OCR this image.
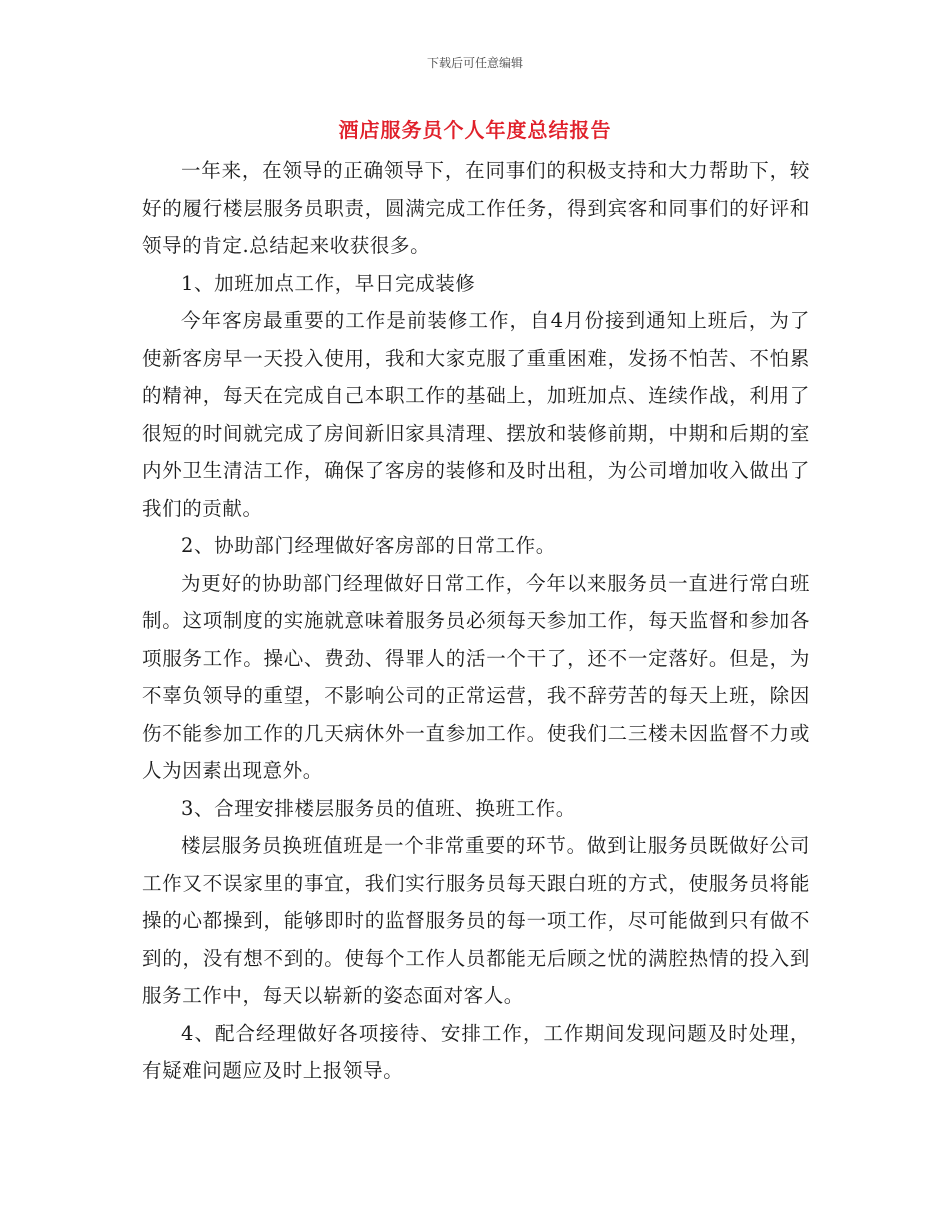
下载后可任意编辑
酒店服务员个人年度总结报告

一年来，在领导的正确领导下，在同事们的积极支持和大力帮助下，较好的履行楼层服务员职责，圆满完成工作任务，得到宾客和同事们的好评和领导的肯定.总结起来收获很多。

1、加班加点工作，早日完成装修

今年客房最重要的工作是前装修工作，自4月份接到通知上班后，为了使新客房早一天投入使用，我和大家克服了重重困难，发扬不怕苦、不怕累的精神，每天在完成自己本职工作的基础上，加班加点、连续作战，利用了很短的时间就完成了房间新旧家具清理、摆放和装修前期，中期和后期的室内外卫生清洁工作，确保了客房的装修和及时出租，为公司增加收入做出了我们的贡献。

2、协助部门经理做好客房部的日常工作。

为更好的协助部门经理做好日常工作，今年以来服务员一直进行常白班制。这项制度的实施就意味着服务员必须每天参加工作，每天监督和参加各项服务工作。操心、费劲、得罪人的活一个干了，还不一定落好。但是，为不辜负领导的重望，不影响公司的正常运营，我不辞劳苦的每天上班，除因伤不能参加工作的几天病休外一直参加工作。使我们二三楼未因监督不力或人为因素出现意外。

3、合理安排楼层服务员的值班、换班工作。

楼层服务员换班值班是一个非常重要的环节。做到让服务员既做好公司工作又不误家里的事宜，我们实行服务员每天跟白班的方式，使服务员将能操的心都操到，能够即时的监督服务员的每一项工作，尽可能做到只有做不到的，没有想不到的。使每个工作人员都能无后顾之忧的满腔热情的投入到服务工作中，每天以崭新的姿态面对客人。

4、配合经理做好各项接待、安排工作，工作期间发现问题及时处理，有疑难问题应及时上报领导。
